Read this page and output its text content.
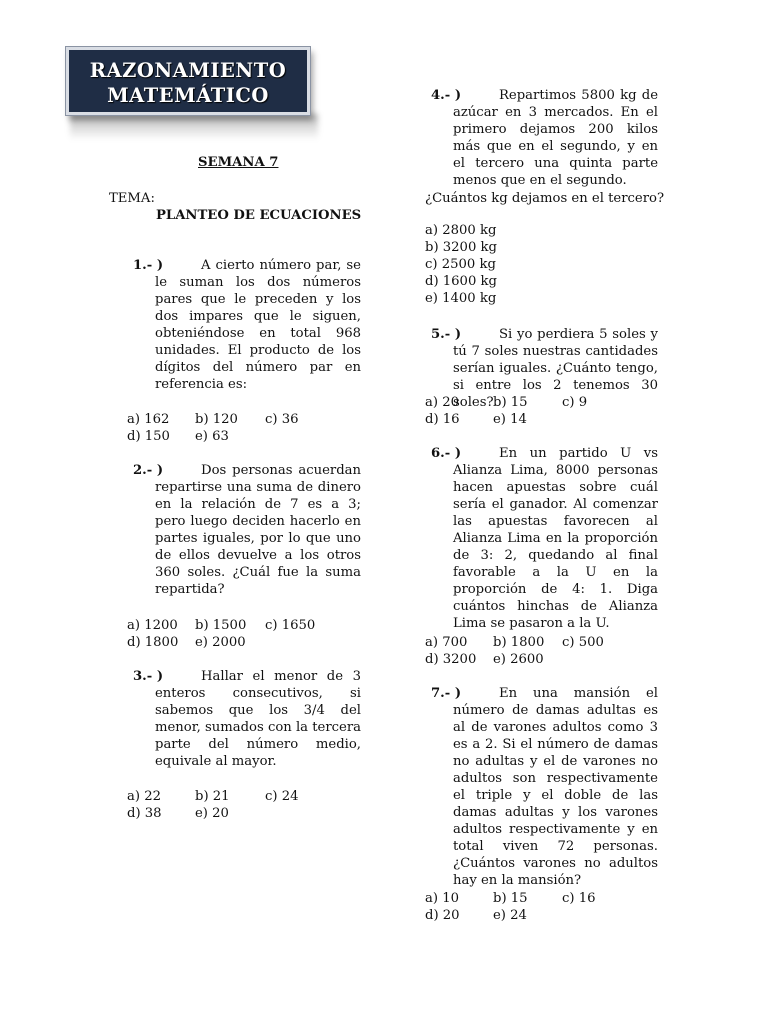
RAZONAMIENTO
MATEMÁTICO
SEMANA 7
TEMA:
PLANTEO DE ECUACIONES
1.- )	A cierto número par, se le suman los dos números pares que le preceden y los dos impares que le siguen, obteniéndose en total 968 unidades. El producto de los dígitos del número par en referencia es:
a) 162 b) 120 c) 36
d) 150 e) 63
2.- )	Dos personas acuerdan repartirse una suma de dinero en la relación de 7 es a 3; pero luego deciden hacerlo en partes iguales, por lo que uno de ellos devuelve a los otros 360 soles. ¿Cuál fue la suma repartida?
a) 1200 b) 1500 c) 1650
d) 1800 e) 2000
3.- )	Hallar el menor de 3 enteros consecutivos, si sabemos que los 3/4 del menor, sumados con la tercera parte del número medio, equivale al mayor.
a) 22	b) 21	c) 24
d) 38	e) 20
4.- )	Repartimos 5800 kg de azúcar en 3 mercados. En el primero dejamos 200 kilos más que en el segundo, y en el tercero una quinta parte menos que en el segundo.
¿Cuántos kg dejamos en el tercero?
a) 2800 kg
b) 3200 kg
c) 2500 kg
d) 1600 kg
e) 1400 kg
5.- )	Si yo perdiera 5 soles y tú 7 soles nuestras cantidades serían iguales. ¿Cuánto tengo, si entre los 2 tenemos 30 soles?
a) 20	b) 15	c) 9
d) 16	e) 14
6.- )	En un partido U vs Alianza Lima, 8000 personas hacen apuestas sobre cuál sería el ganador. Al comenzar las apuestas favorecen al Alianza Lima en la proporción de 3: 2, quedando al final favorable a la U en la proporción de 4: 1. Diga cuántos hinchas de Alianza Lima se pasaron a la U.
a) 700 b) 1800 c) 500
d) 3200 e) 2600
7.- )	En una mansión el número de damas adultas es al de varones adultos como 3 es a 2. Si el número de damas no adultas y el de varones no adultos son respectivamente el triple y el doble de las damas adultas y los varones adultos respectivamente y en total viven 72 personas. ¿Cuántos varones no adultos hay en la mansión?
a) 10	b) 15	c) 16
d) 20	e) 24
